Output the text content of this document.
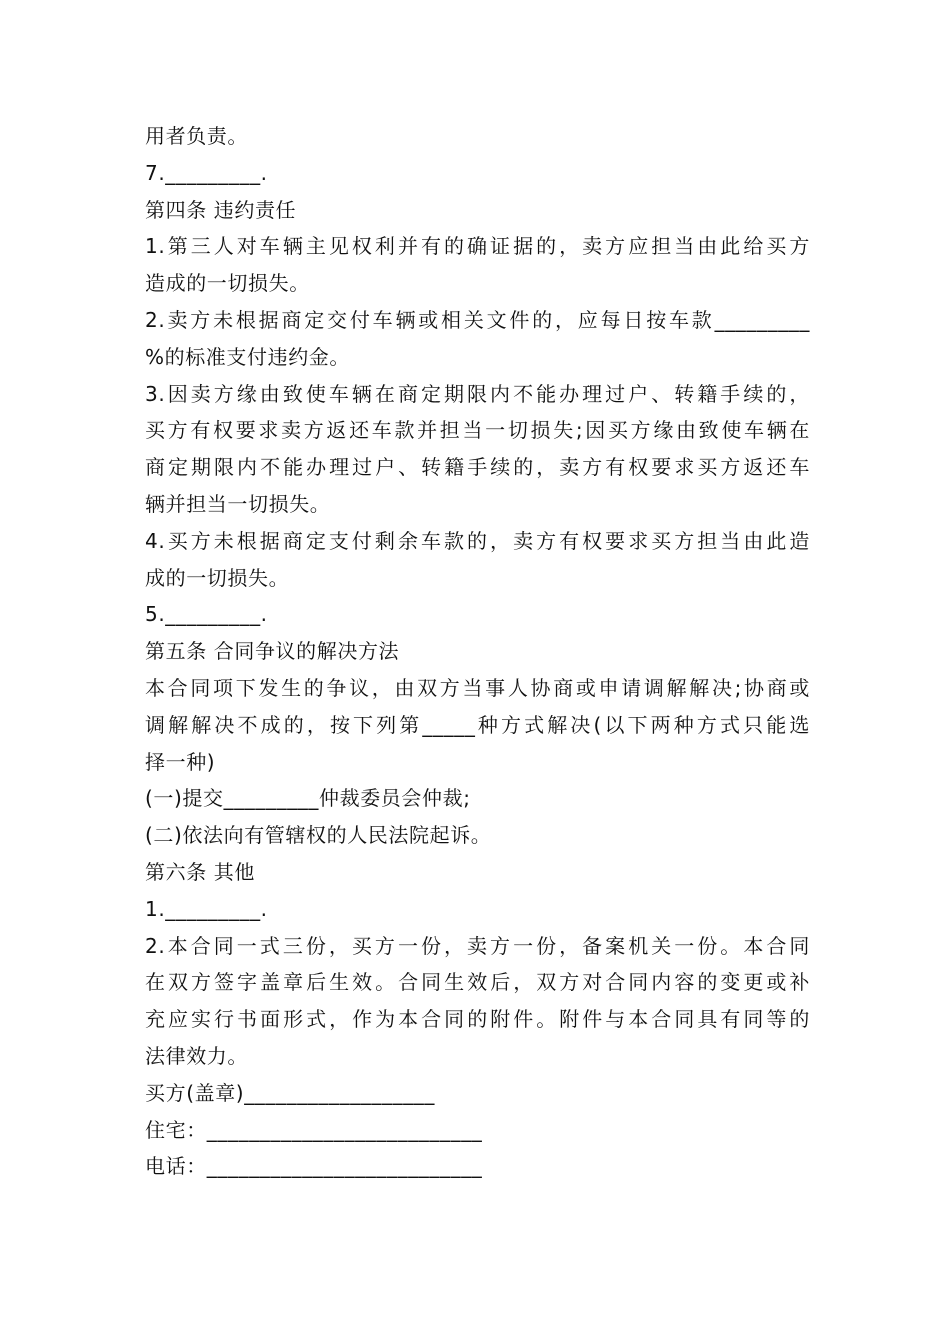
用者负责。
7._________.
第四条 违约责任
1.第三人对车辆主见权利并有的确证据的，卖方应担当由此给买方
造成的一切损失。
2.卖方未根据商定交付车辆或相关文件的，应每日按车款_________
%的标准支付违约金。
3.因卖方缘由致使车辆在商定期限内不能办理过户、转籍手续的，
买方有权要求卖方返还车款并担当一切损失;因买方缘由致使车辆在
商定期限内不能办理过户、转籍手续的，卖方有权要求买方返还车
辆并担当一切损失。
4.买方未根据商定支付剩余车款的，卖方有权要求买方担当由此造
成的一切损失。
5._________.
第五条 合同争议的解决方法
本合同项下发生的争议，由双方当事人协商或申请调解解决;协商或
调解解决不成的，按下列第_____种方式解决(以下两种方式只能选
择一种)
(一)提交_________仲裁委员会仲裁;
(二)依法向有管辖权的人民法院起诉。
第六条 其他
1._________.
2.本合同一式三份，买方一份，卖方一份，备案机关一份。本合同
在双方签字盖章后生效。合同生效后，双方对合同内容的变更或补
充应实行书面形式，作为本合同的附件。附件与本合同具有同等的
法律效力。
买方(盖章)__________________
住宅：__________________________
电话：__________________________
